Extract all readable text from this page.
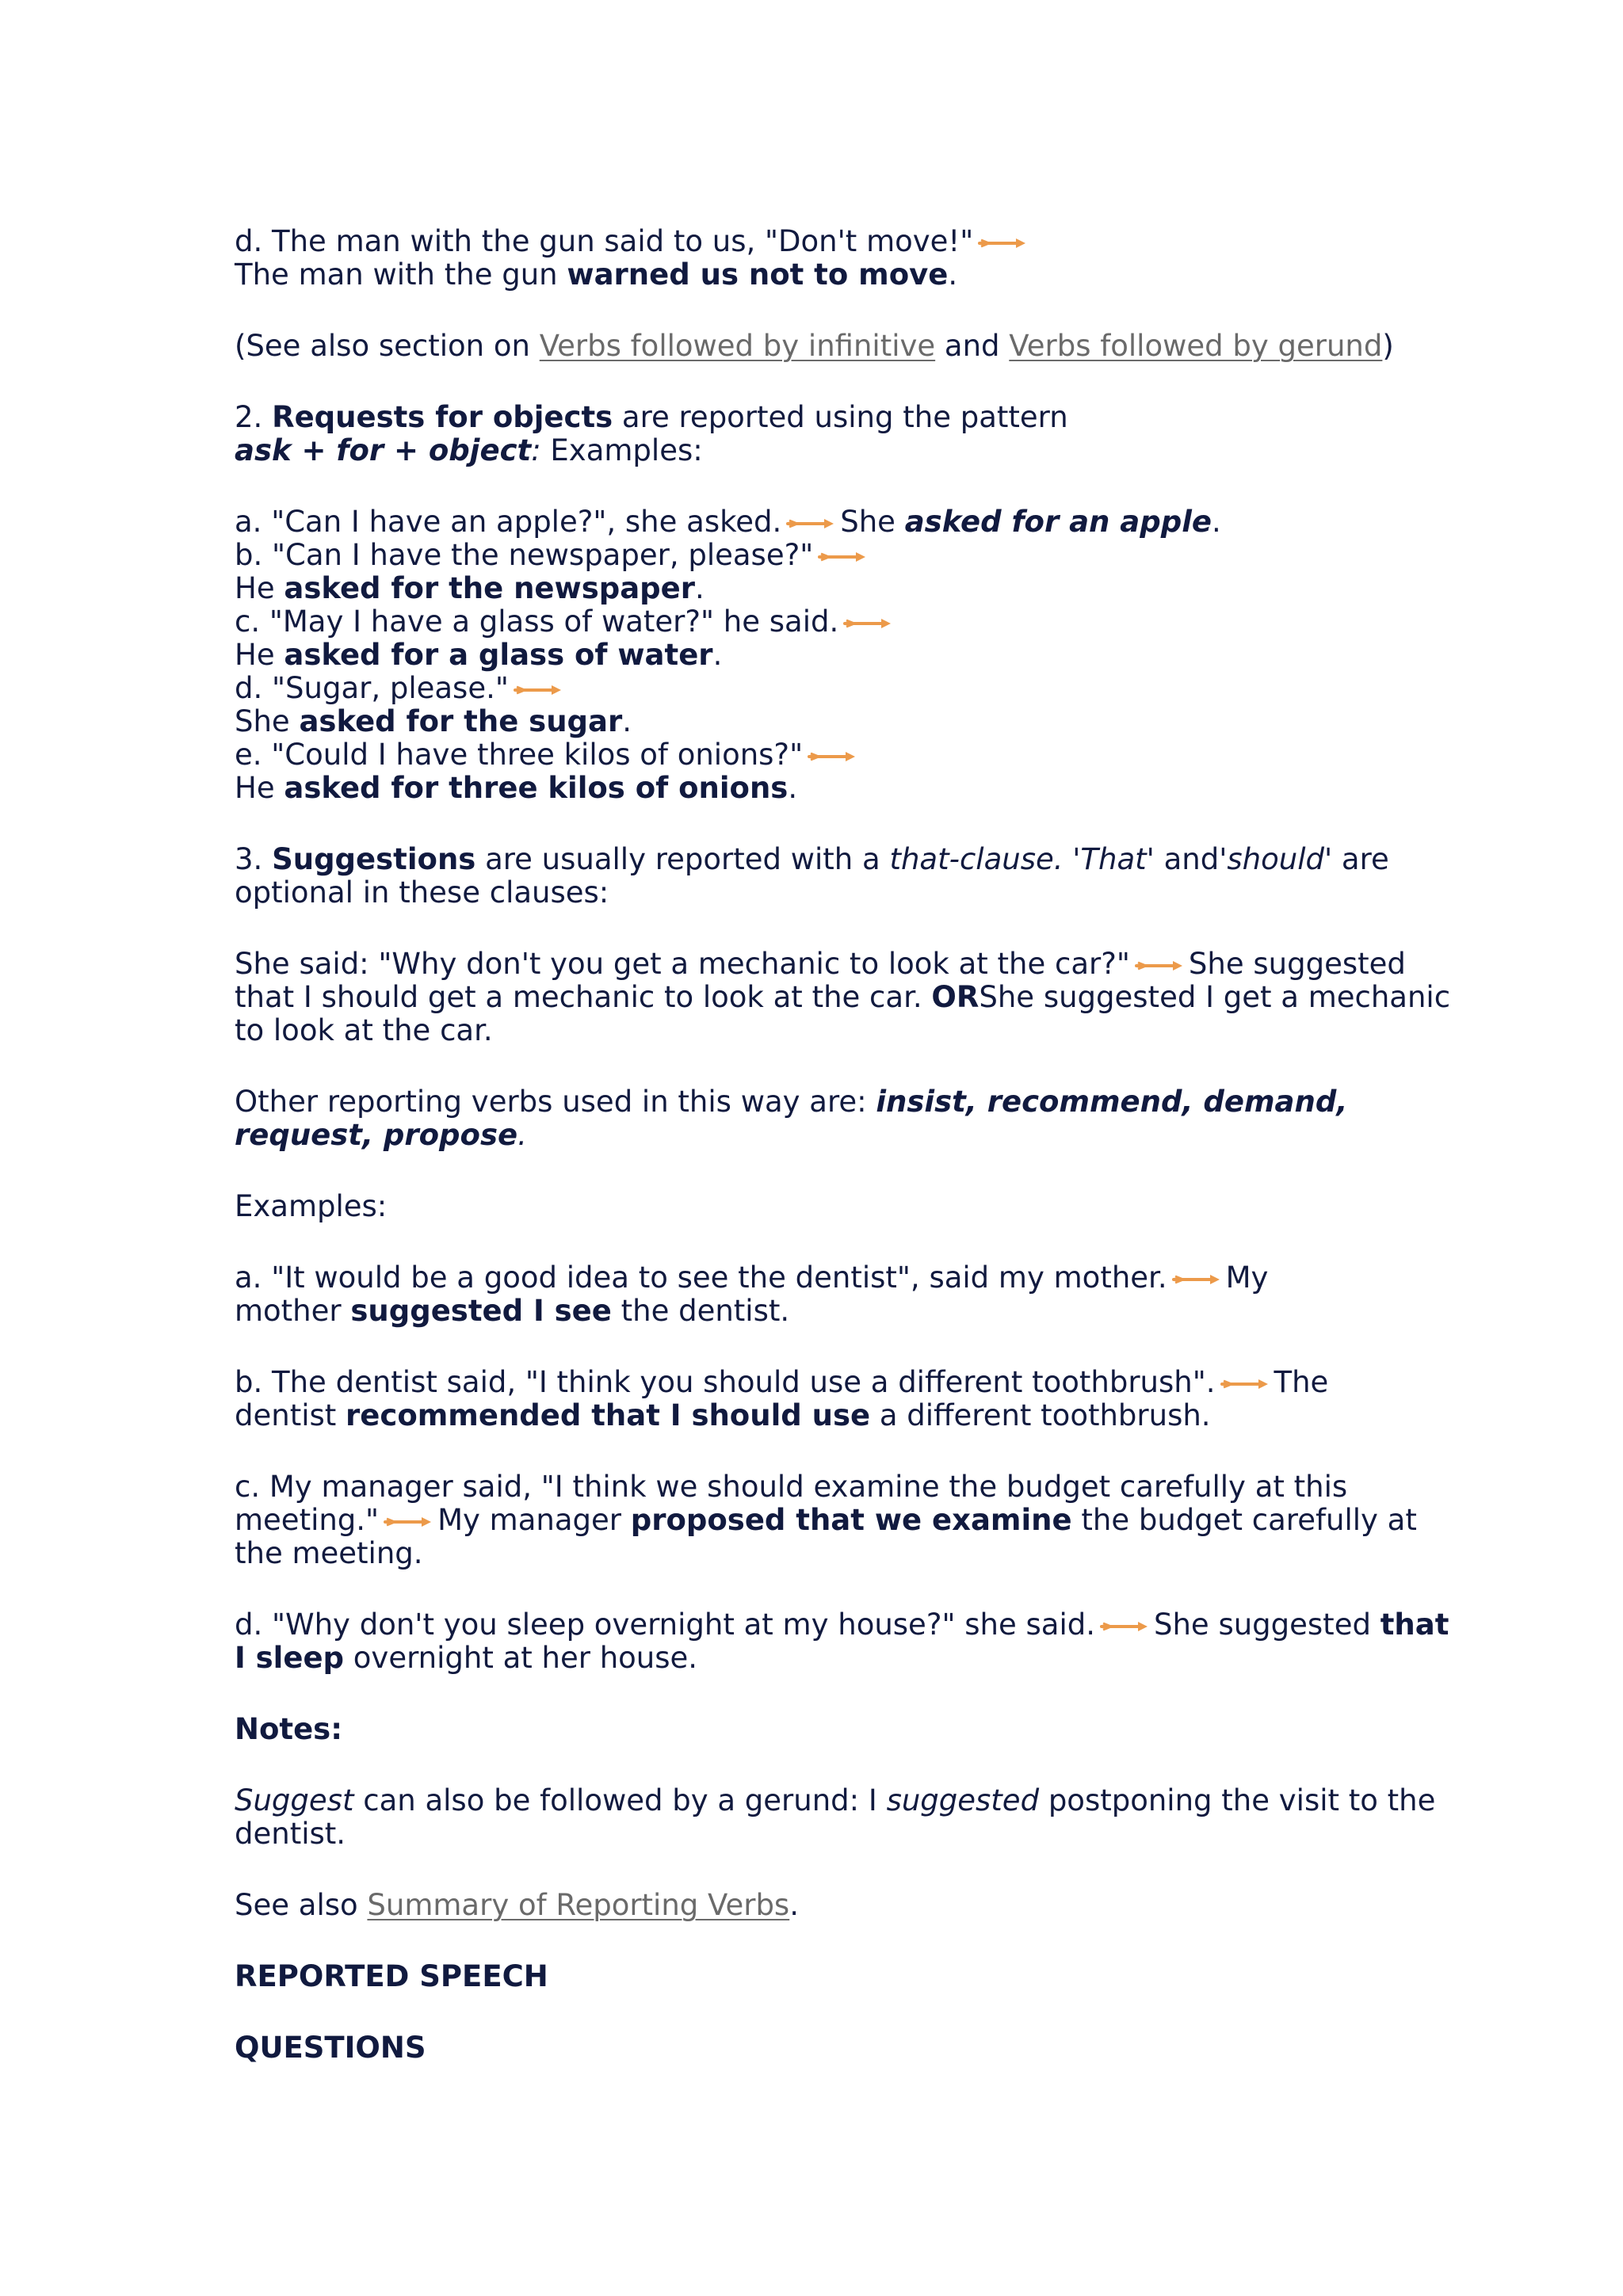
d. The man with the gun said to us, "Don't move!"
The man with the gun warned us not to move.
(See also section on Verbs followed by infinitive and Verbs followed by gerund)
2. Requests for objects are reported using the pattern
ask + for + object: Examples:
a. "Can I have an apple?", she asked. She asked for an apple.
b. "Can I have the newspaper, please?"
He asked for the newspaper.
c. "May I have a glass of water?" he said.
He asked for a glass of water.
d. "Sugar, please."
She asked for the sugar.
e. "Could I have three kilos of onions?"
He asked for three kilos of onions.
3. Suggestions are usually reported with a that-clause. 'That' and'should' are
optional in these clauses:
She said: "Why don't you get a mechanic to look at the car?" She suggested
that I should get a mechanic to look at the car. ORShe suggested I get a mechanic
to look at the car.
Other reporting verbs used in this way are: insist, recommend, demand,
request, propose.
Examples:
a. "It would be a good idea to see the dentist", said my mother. My
mother suggested I see the dentist.
b. The dentist said, "I think you should use a different toothbrush". The
dentist recommended that I should use a different toothbrush.
c. My manager said, "I think we should examine the budget carefully at this
meeting." My manager proposed that we examine the budget carefully at
the meeting.
d. "Why don't you sleep overnight at my house?" she said. She suggested that
I sleep overnight at her house.
Notes:
Suggest can also be followed by a gerund: I suggested postponing the visit to the
dentist.
See also Summary of Reporting Verbs.
REPORTED SPEECH
QUESTIONS
